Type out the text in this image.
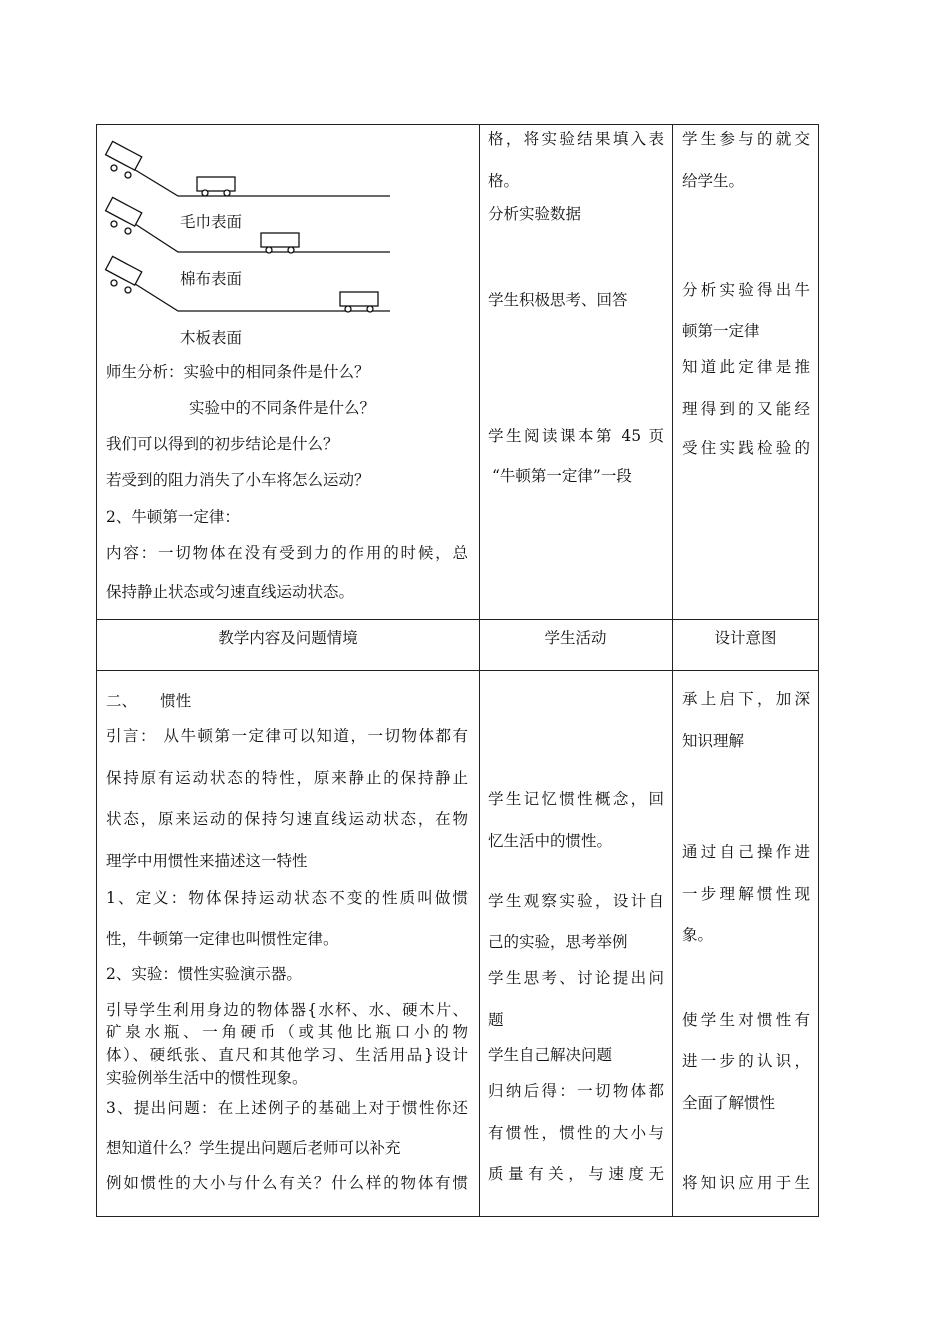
毛巾表面
棉布表面
木板表面
师生分析：实验中的相同条件是什么？
实验中的不同条件是什么？
我们可以得到的初步结论是什么？
若受到的阻力消失了小车将怎么运动？
2、牛顿第一定律：
内容：一切物体在没有受到力的作用的时候，总
保持静止状态或匀速直线运动状态。
格，将实验结果填入表
格。
分析实验数据
学生积极思考、回答
学生阅读课本第 45 页
“牛顿第一定律”一段
学生参与的就交
给学生。
分析实验得出牛
顿第一定律
知道此定律是推
理得到的又能经
受住实践检验的
教学内容及问题情境	学生活动	设计意图
二、　　惯性
引言： 从牛顿第一定律可以知道，一切物体都有
保持原有运动状态的特性，原来静止的保持静止
状态，原来运动的保持匀速直线运动状态，在物
理学中用惯性来描述这一特性
1、定义：物体保持运动状态不变的性质叫做惯
性，牛顿第一定律也叫惯性定律。
2、实验：惯性实验演示器。
引导学生利用身边的物体器{水杯、水、硬木片、
矿泉水瓶、一角硬币（或其他比瓶口小的物
体）、硬纸张、直尺和其他学习、生活用品}设计
实验例举生活中的惯性现象。
3、提出问题：在上述例子的基础上对于惯性你还
想知道什么？学生提出问题后老师可以补充
例如惯性的大小与什么有关？什么样的物体有惯
学生记忆惯性概念，回
忆生活中的惯性。
学生观察实验，设计自
己的实验，思考举例
学生思考、讨论提出问
题
学生自己解决问题
归纳后得：一切物体都
有惯性，惯性的大小与
质量有关，与速度无
承上启下，加深
知识理解
通过自己操作进
一步理解惯性现
象。
使学生对惯性有
进一步的认识，
全面了解惯性
将知识应用于生
